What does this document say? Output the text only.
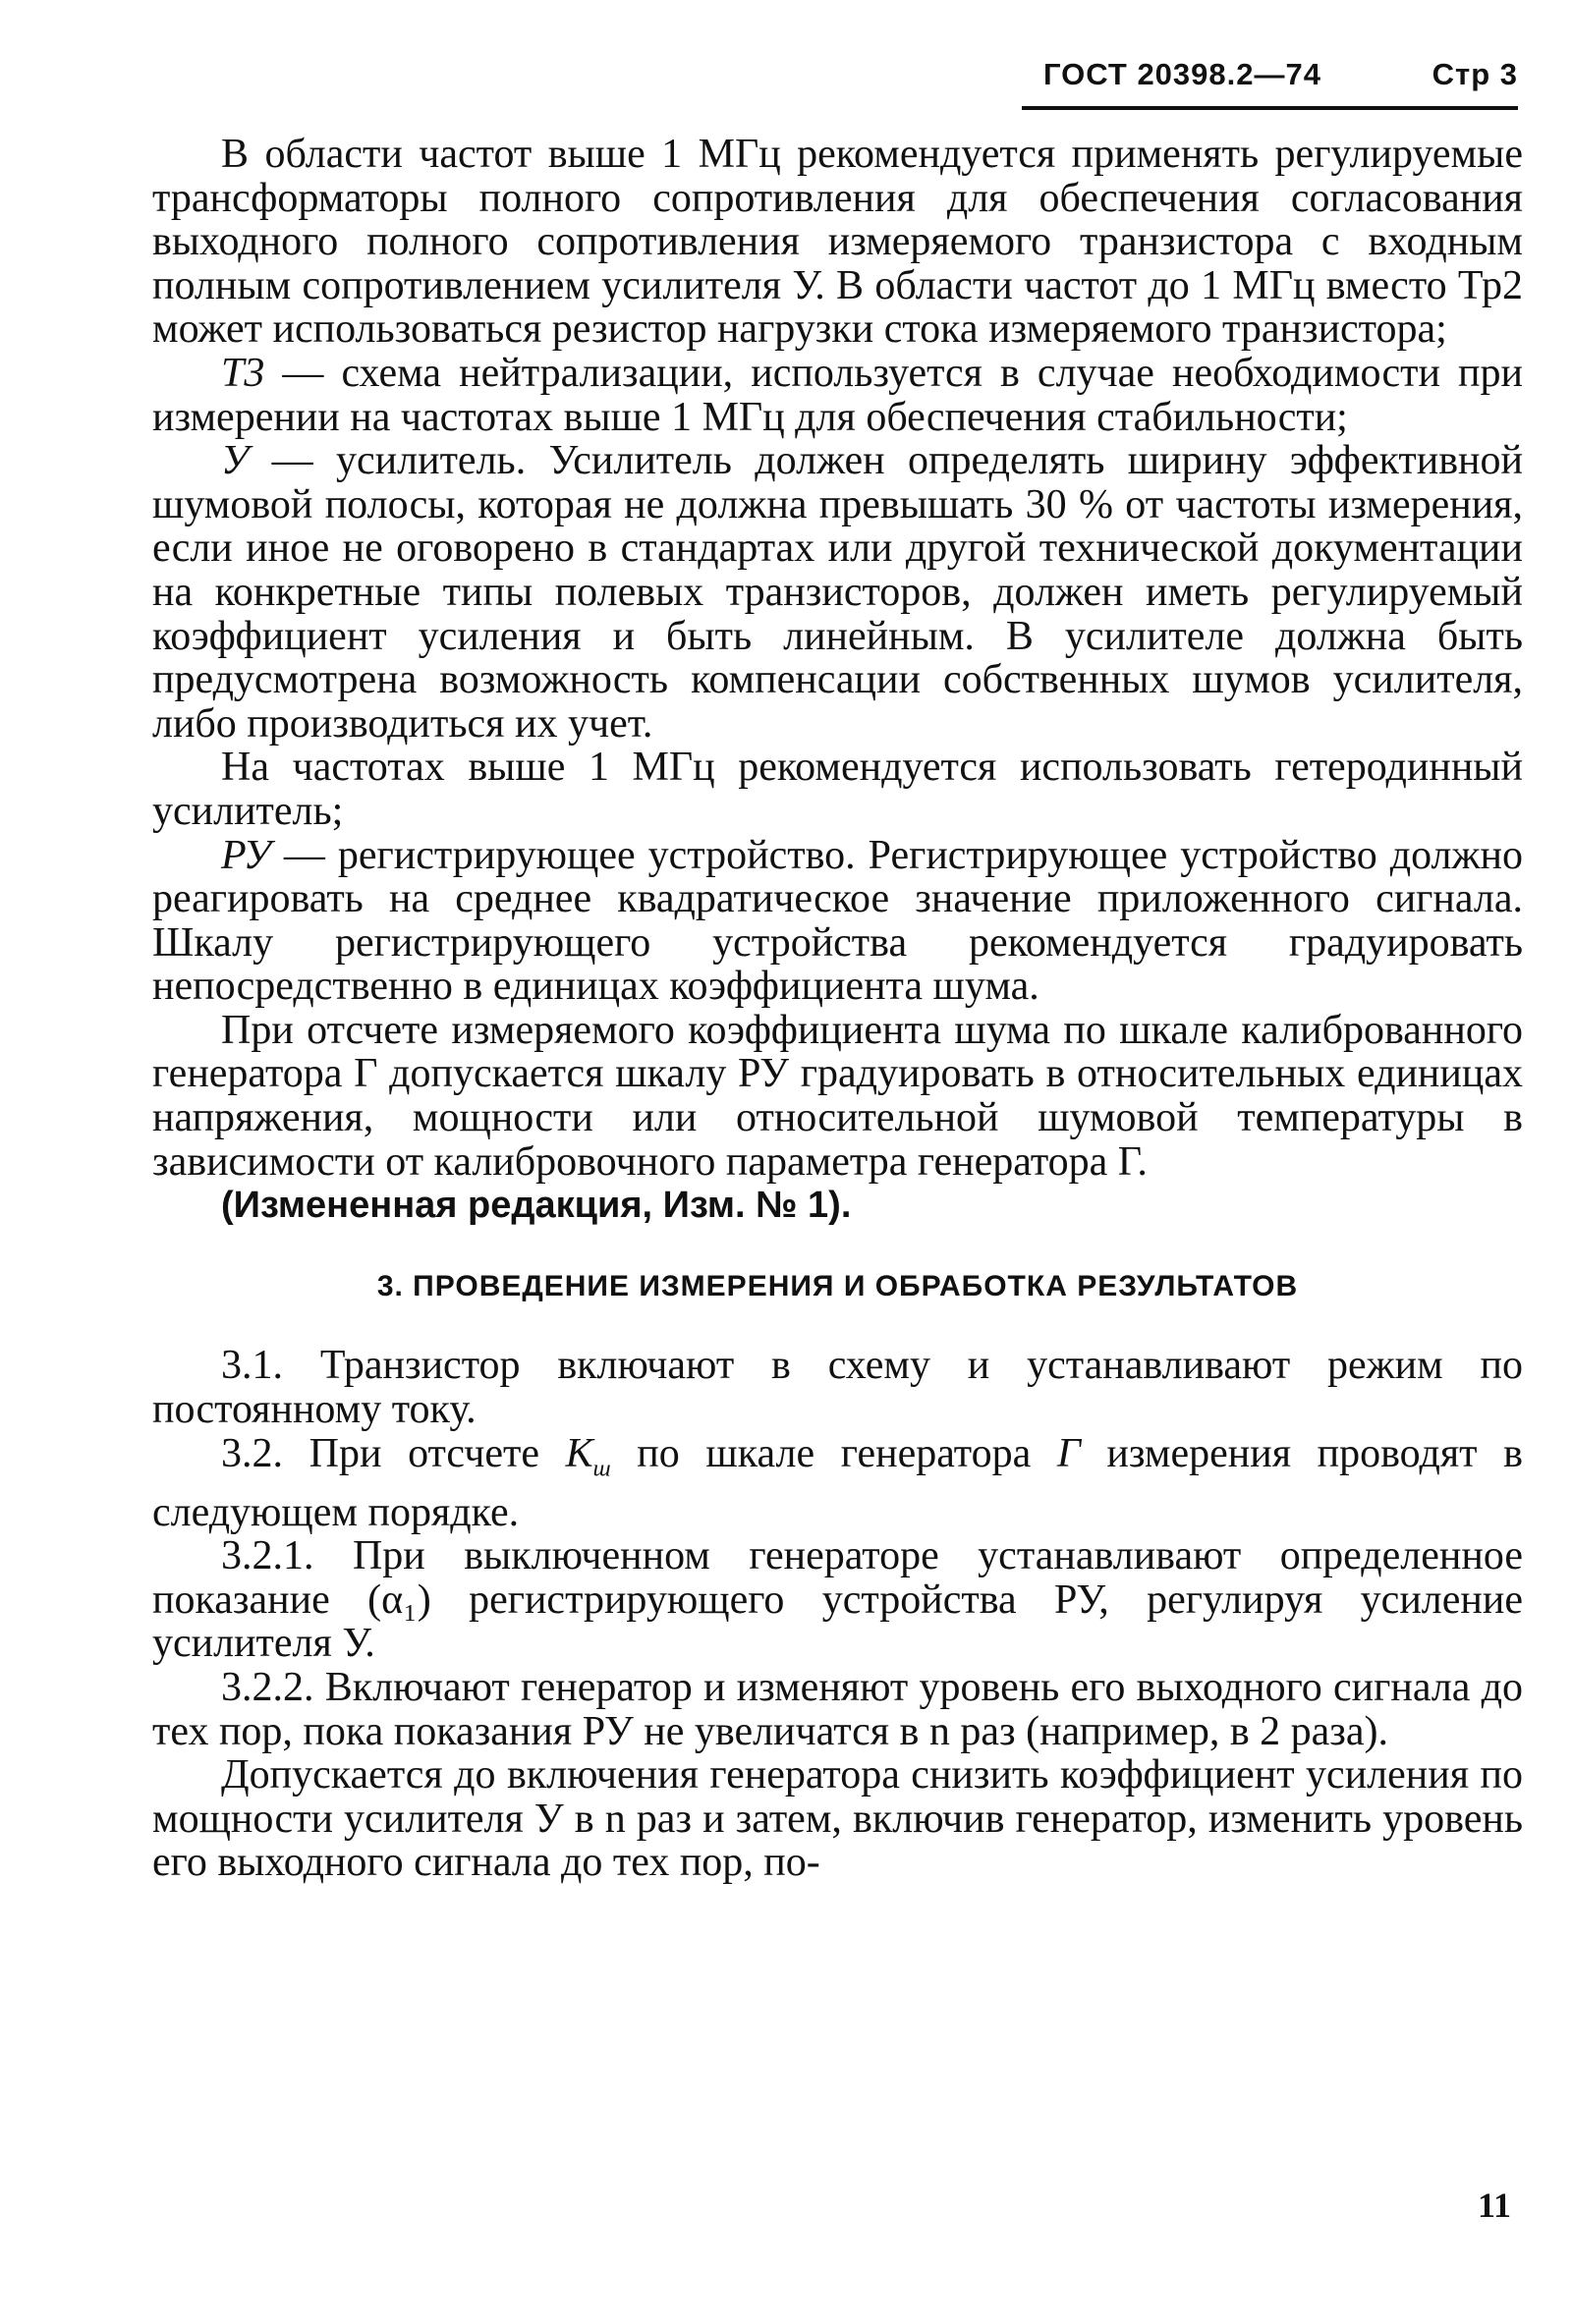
ГОСТ 20398.2—74	Стр 3

В области частот выше 1 МГц рекомендуется применять регулируемые трансформаторы полного сопротивления для обеспечения согласования выходного полного сопротивления измеряемого транзистора с входным полным сопротивлением усилителя У. В области частот до 1 МГц вместо Тр2 может использоваться резистор нагрузки стока измеряемого транзистора;

Т3 — схема нейтрализации, используется в случае необходимости при измерении на частотах выше 1 МГц для обеспечения стабильности;

У — усилитель. Усилитель должен определять ширину эффективной шумовой полосы, которая не должна превышать 30 % от частоты измерения, если иное не оговорено в стандартах или другой технической документации на конкретные типы полевых транзисторов, должен иметь регулируемый коэффициент усиления и быть линейным. В усилителе должна быть предусмотрена возможность компенсации собственных шумов усилителя, либо производиться их учет.

На частотах выше 1 МГц рекомендуется использовать гетеродинный усилитель;

РУ — регистрирующее устройство. Регистрирующее устройство должно реагировать на среднее квадратическое значение приложенного сигнала. Шкалу регистрирующего устройства рекомендуется градуировать непосредственно в единицах коэффициента шума.

При отсчете измеряемого коэффициента шума по шкале калиброванного генератора Г допускается шкалу РУ градуировать в относительных единицах напряжения, мощности или относительной шумовой температуры в зависимости от калибровочного параметра генератора Г.

(Измененная редакция, Изм. № 1).

3. ПРОВЕДЕНИЕ ИЗМЕРЕНИЯ И ОБРАБОТКА РЕЗУЛЬТАТОВ

3.1. Транзистор включают в схему и устанавливают режим по постоянному току.

3.2. При отсчете $К_ш$ по шкале генератора Г измерения проводят в следующем порядке.

3.2.1. При выключенном генераторе устанавливают определенное показание (α₁) регистрирующего устройства РУ, регулируя усиление усилителя У.

3.2.2. Включают генератор и изменяют уровень его выходного сигнала до тех пор, пока показания РУ не увеличатся в n раз (например, в 2 раза).

Допускается до включения генератора снизить коэффициент усиления по мощности усилителя У в n раз и затем, включив генератор, изменить уровень его выходного сигнала до тех пор, по-

11
